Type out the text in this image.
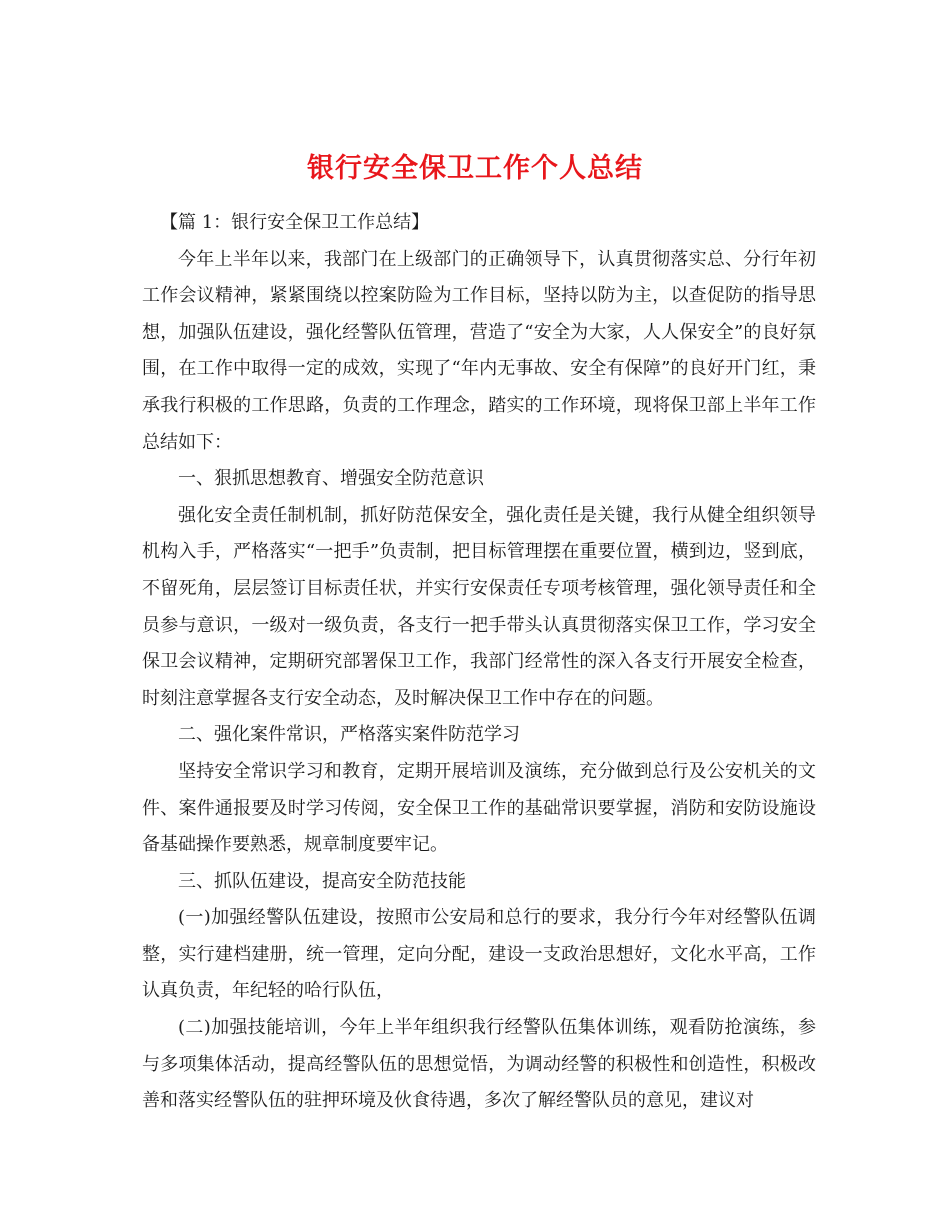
银行安全保卫工作个人总结

【篇 1：银行安全保卫工作总结】

今年上半年以来，我部门在上级部门的正确领导下，认真贯彻落实总、分行年初工作会议精神，紧紧围绕以控案防险为工作目标，坚持以防为主，以查促防的指导思想，加强队伍建设，强化经警队伍管理，营造了“安全为大家，人人保安全”的良好氛围，在工作中取得一定的成效，实现了“年内无事故、安全有保障”的良好开门红，秉承我行积极的工作思路，负责的工作理念，踏实的工作环境，现将保卫部上半年工作总结如下：

一、狠抓思想教育、增强安全防范意识

强化安全责任制机制，抓好防范保安全，强化责任是关键，我行从健全组织领导机构入手，严格落实“一把手”负责制，把目标管理摆在重要位置，横到边，竖到底，不留死角，层层签订目标责任状，并实行安保责任专项考核管理，强化领导责任和全员参与意识，一级对一级负责，各支行一把手带头认真贯彻落实保卫工作，学习安全保卫会议精神，定期研究部署保卫工作，我部门经常性的深入各支行开展安全检查，时刻注意掌握各支行安全动态，及时解决保卫工作中存在的问题。

二、强化案件常识，严格落实案件防范学习

坚持安全常识学习和教育，定期开展培训及演练，充分做到总行及公安机关的文件、案件通报要及时学习传阅，安全保卫工作的基础常识要掌握，消防和安防设施设备基础操作要熟悉，规章制度要牢记。

三、抓队伍建设，提高安全防范技能

(一)加强经警队伍建设，按照市公安局和总行的要求，我分行今年对经警队伍调整，实行建档建册，统一管理，定向分配，建设一支政治思想好，文化水平高，工作认真负责，年纪轻的哈行队伍，

(二)加强技能培训，今年上半年组织我行经警队伍集体训练，观看防抢演练，参与多项集体活动，提高经警队伍的思想觉悟，为调动经警的积极性和创造性，积极改善和落实经警队伍的驻押环境及伙食待遇，多次了解经警队员的意见，建议对
